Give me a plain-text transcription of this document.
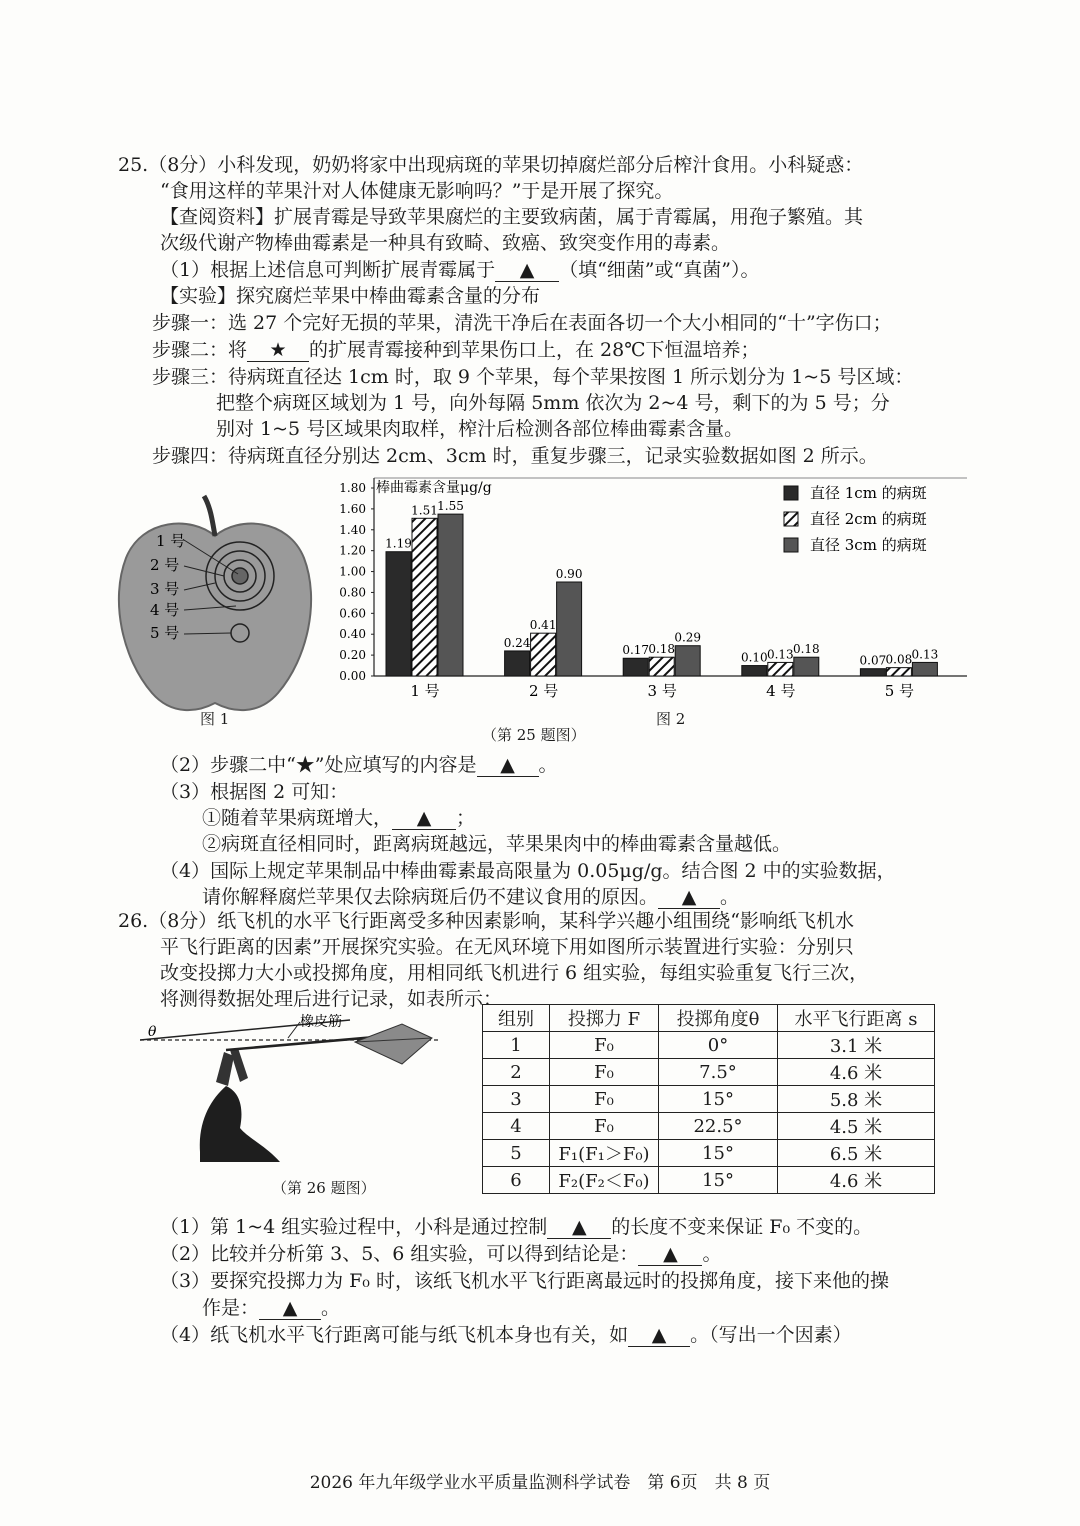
25.（8分）小科发现，奶奶将家中出现病斑的苹果切掉腐烂部分后榨汁食用。小科疑惑：
“食用这样的苹果汁对人体健康无影响吗？”于是开展了探究。
【查阅资料】扩展青霉是导致苹果腐烂的主要致病菌，属于青霉属，用孢子繁殖。其
次级代谢产物棒曲霉素是一种具有致畸、致癌、致突变作用的毒素。
（1）根据上述信息可判断扩展青霉属于 ▲ （填“细菌”或“真菌”）。
【实验】探究腐烂苹果中棒曲霉素含量的分布
步骤一：选 27 个完好无损的苹果，清洗干净后在表面各切一个大小相同的“十”字伤口；
步骤二：将 ★ 的扩展青霉接种到苹果伤口上，在 28℃下恒温培养；
步骤三：待病斑直径达 1cm 时，取 9 个苹果，每个苹果按图 1 所示划分为 1~5 号区域：
把整个病斑区域划为 1 号，向外每隔 5mm 依次为 2~4 号，剩下的为 5 号；分
别对 1~5 号区域果肉取样，榨汁后检测各部位棒曲霉素含量。
步骤四：待病斑直径分别达 2cm、3cm 时，重复步骤三，记录实验数据如图 2 所示。
1 号
2 号
3 号
4 号
5 号
图 1
0.00
0.20
0.40
0.60
0.80
1.00
1.20
1.40
1.60
1.80 棒曲霉素含量μg/g
1.19
1.51 1.55
1 号
0.24
0.41
0.90
2 号
0.17 0.18
0.29
3 号
0.10 0.13 0.18
4 号
0.07 0.08 0.13
5 号
直径 1cm 的病斑
直径 2cm 的病斑
直径 3cm 的病斑
图 2
（第 25 题图）
（2）步骤二中“★”处应填写的内容是 ▲ 。
（3）根据图 2 可知：
①随着苹果病斑增大， ▲ ；
②病斑直径相同时，距离病斑越远，苹果果肉中的棒曲霉素含量越低。
（4）国际上规定苹果制品中棒曲霉素最高限量为 0.05μg/g。结合图 2 中的实验数据，
请你解释腐烂苹果仅去除病斑后仍不建议食用的原因。 ▲ 。
26.（8分）纸飞机的水平飞行距离受多种因素影响，某科学兴趣小组围绕“影响纸飞机水
平飞行距离的因素”开展探究实验。在无风环境下用如图所示装置进行实验：分别只
改变投掷力大小或投掷角度，用相同纸飞机进行 6 组实验，每组实验重复飞行三次，
将测得数据处理后进行记录，如表所示：
θ
橡皮筋
（第 26 题图）
组别	投掷力 F	投掷角度θ	水平飞行距离 s
1	F₀	0°	3.1 米
2	F₀	7.5°	4.6 米
3	F₀	15°	5.8 米
4	F₀	22.5°	4.5 米
5	F₁(F₁＞F₀)	15°	6.5 米
6	F₂(F₂＜F₀)	15°	4.6 米
（1）第 1~4 组实验过程中，小科是通过控制 ▲ 的长度不变来保证 F₀ 不变的。
（2）比较并分析第 3、5、6 组实验，可以得到结论是： ▲ 。
（3）要探究投掷力为 F₀ 时，该纸飞机水平飞行距离最远时的投掷角度，接下来他的操
作是： ▲ 。
（4）纸飞机水平飞行距离可能与纸飞机本身也有关，如 ▲ 。（写出一个因素）
2026 年九年级学业水平质量监测科学试卷　第 6页　共 8 页
